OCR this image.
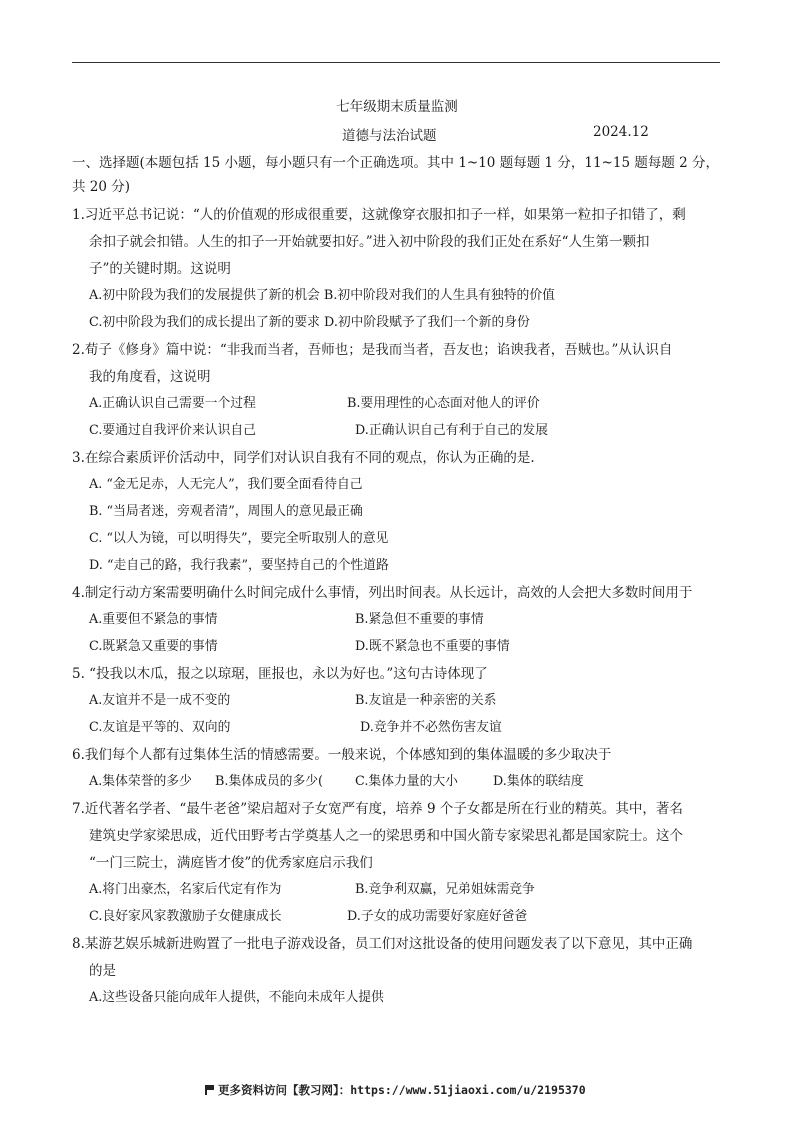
七年级期末质量监测
道德与法治试题	2024.12
一、选择题(本题包括 15 小题，每小题只有一个正确选项。其中 1~10 题每题 1 分，11~15 题每题 2 分，
共 20 分)
1.习近平总书记说：“人的价值观的形成很重要，这就像穿衣服扣扣子一样，如果第一粒扣子扣错了，剩
余扣子就会扣错。人生的扣子一开始就要扣好。”进入初中阶段的我们正处在系好“人生第一颗扣
子”的关键时期。这说明
A.初中阶段为我们的发展提供了新的机会 B.初中阶段对我们的人生具有独特的价值
C.初中阶段为我们的成长提出了新的要求 D.初中阶段赋予了我们一个新的身份
2.荀子《修身》篇中说：“非我而当者，吾师也；是我而当者，吾友也；谄谀我者，吾贼也。”从认识自
我的角度看，这说明
A.正确认识自己需要一个过程	B.要用理性的心态面对他人的评价
C.要通过自我评价来认识自己	D.正确认识自己有利于自己的发展
3.在综合素质评价活动中，同学们对认识自我有不同的观点，你认为正确的是.
A. “金无足赤，人无完人”，我们要全面看待自己
B. “当局者迷，旁观者清”，周围人的意见最正确
C. “以人为镜，可以明得失”，要完全听取别人的意见
D. “走自己的路，我行我素”，要坚持自己的个性道路
4.制定行动方案需要明确什么时间完成什么事情，列出时间表。从长远计，高效的人会把大多数时间用于
A.重要但不紧急的事情	B.紧急但不重要的事情
C.既紧急又重要的事情	D.既不紧急也不重要的事情
5. “投我以木瓜，报之以琼琚，匪报也，永以为好也。”这句古诗体现了
A.友谊并不是一成不变的	B.友谊是一种亲密的关系
C.友谊是平等的、双向的	D.竞争并不必然伤害友谊
6.我们每个人都有过集体生活的情感需要。一般来说，个体感知到的集体温暖的多少取决于
A.集体荣誉的多少 B.集体成员的多少( C.集体力量的大小	D.集体的联结度
7.近代著名学者、“最牛老爸”梁启超对子女宽严有度，培养 9 个子女都是所在行业的精英。其中，著名
建筑史学家梁思成，近代田野考古学奠基人之一的梁思勇和中国火箭专家梁思礼都是国家院士。这个
“一门三院士，满庭皆才俊”的优秀家庭启示我们
A.将门出豪杰，名家后代定有作为	B.竞争利双赢，兄弟姐妹需竞争
C.良好家风家教激励子女健康成长	D.子女的成功需要好家庭好爸爸
8.某游艺娱乐城新进购置了一批电子游戏设备，员工们对这批设备的使用问题发表了以下意见，其中正确
的是
A.这些设备只能向成年人提供，不能向未成年人提供
更多资料访问【教习网】：https://www.51jiaoxi.com/u/2195370
